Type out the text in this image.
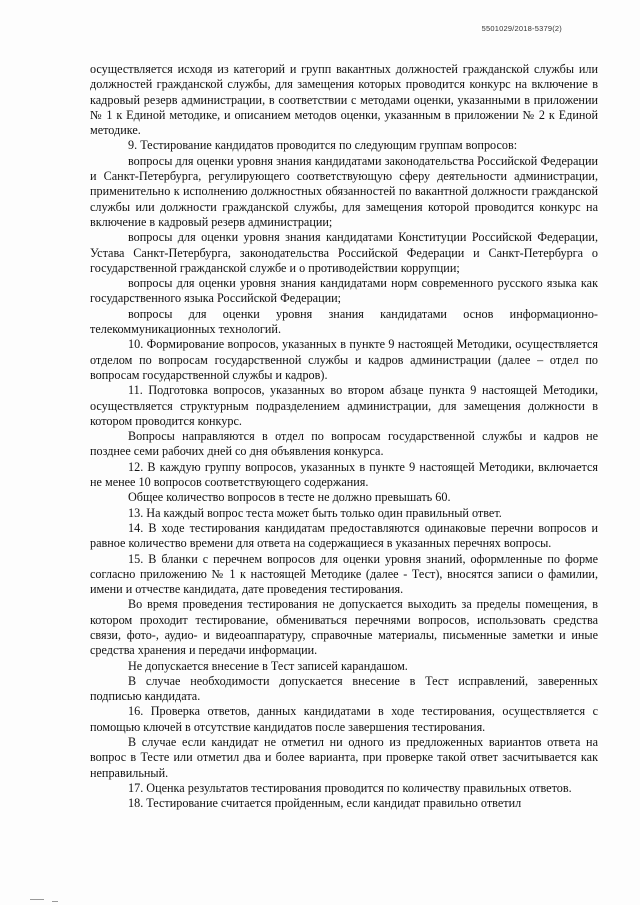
5501029/2018-5379(2)

осуществляется исходя из категорий и групп вакантных должностей гражданской службы или должностей гражданской службы, для замещения которых проводится конкурс на включение в кадровый резерв администрации, в соответствии с методами оценки, указанными в приложении № 1 к Единой методике, и описанием методов оценки, указанным в приложении № 2 к Единой методике.

9. Тестирование кандидатов проводится по следующим группам вопросов:

вопросы для оценки уровня знания кандидатами законодательства Российской Федерации и Санкт-Петербурга, регулирующего соответствующую сферу деятельности администрации, применительно к исполнению должностных обязанностей по вакантной должности гражданской службы или должности гражданской службы, для замещения которой проводится конкурс на включение в кадровый резерв администрации;

вопросы для оценки уровня знания кандидатами Конституции Российской Федерации, Устава Санкт-Петербурга, законодательства Российской Федерации и Санкт-Петербурга о государственной гражданской службе и о противодействии коррупции;

вопросы для оценки уровня знания кандидатами норм современного русского языка как государственного языка Российской Федерации;

вопросы для оценки уровня знания кандидатами основ информационно-телекоммуникационных технологий.

10. Формирование вопросов, указанных в пункте 9 настоящей Методики, осуществляется отделом по вопросам государственной службы и кадров администрации (далее – отдел по вопросам государственной службы и кадров).

11. Подготовка вопросов, указанных во втором абзаце пункта 9 настоящей Методики, осуществляется структурным подразделением администрации, для замещения должности в котором проводится конкурс.

Вопросы направляются в отдел по вопросам государственной службы и кадров не позднее семи рабочих дней со дня объявления конкурса.

12. В каждую группу вопросов, указанных в пункте 9 настоящей Методики, включается не менее 10 вопросов соответствующего содержания.

Общее количество вопросов в тесте не должно превышать 60.

13. На каждый вопрос теста может быть только один правильный ответ.

14. В ходе тестирования кандидатам предоставляются одинаковые перечни вопросов и равное количество времени для ответа на содержащиеся в указанных перечнях вопросы.

15. В бланки с перечнем вопросов для оценки уровня знаний, оформленные по форме согласно приложению № 1 к настоящей Методике (далее - Тест), вносятся записи о фамилии, имени и отчестве кандидата, дате проведения тестирования.

Во время проведения тестирования не допускается выходить за пределы помещения, в котором проходит тестирование, обмениваться перечнями вопросов, использовать средства связи, фото-, аудио- и видеоаппаратуру, справочные материалы, письменные заметки и иные средства хранения и передачи информации.

Не допускается внесение в Тест записей карандашом.

В случае необходимости допускается внесение в Тест исправлений, заверенных подписью кандидата.

16. Проверка ответов, данных кандидатами в ходе тестирования, осуществляется с помощью ключей в отсутствие кандидатов после завершения тестирования.

В случае если кандидат не отметил ни одного из предложенных вариантов ответа на вопрос в Тесте или отметил два и более варианта, при проверке такой ответ засчитывается как неправильный.

17. Оценка результатов тестирования проводится по количеству правильных ответов.

18. Тестирование считается пройденным, если кандидат правильно ответил
